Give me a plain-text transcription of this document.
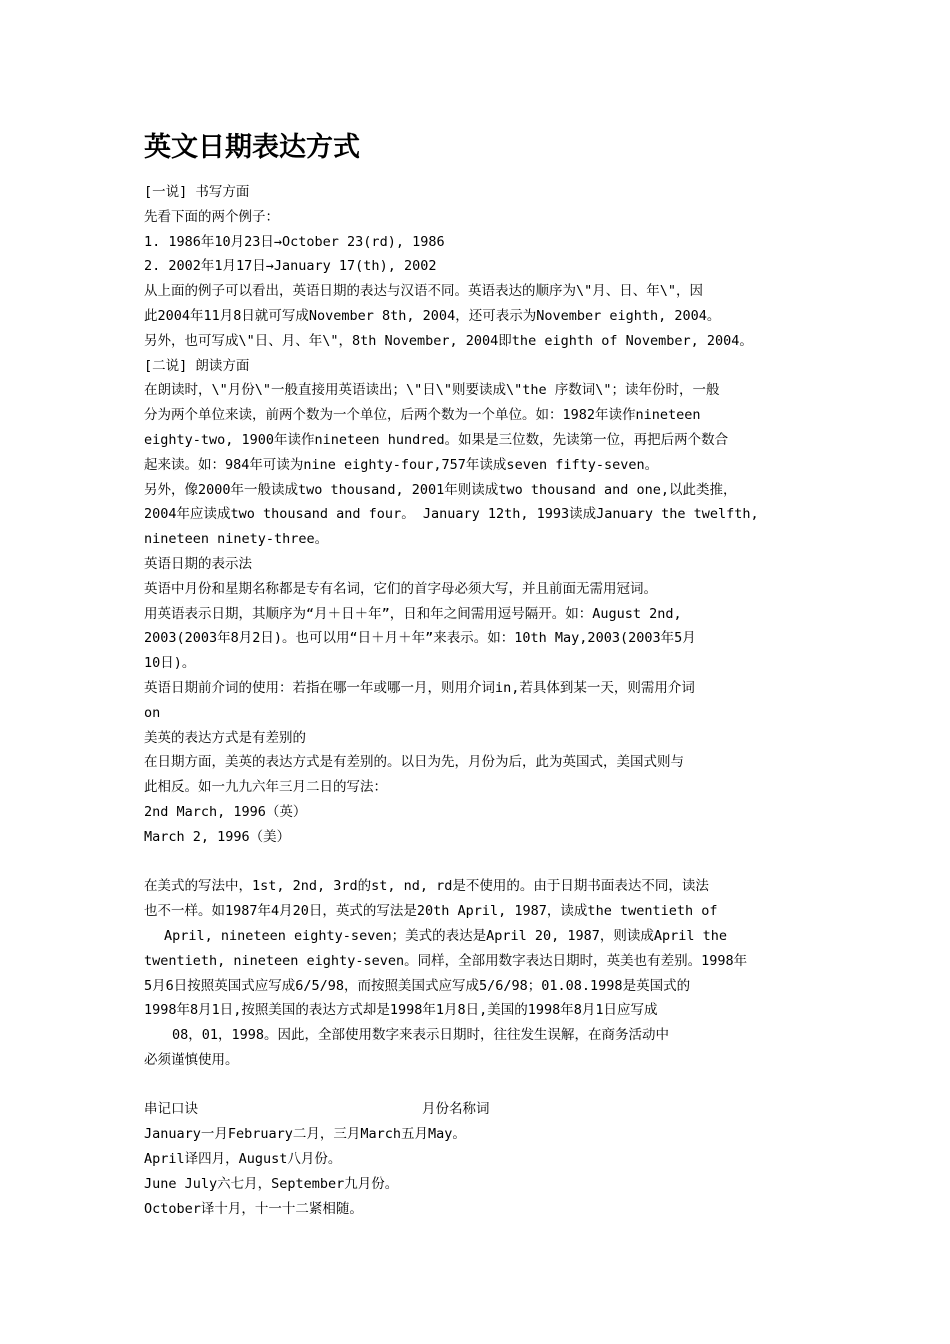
英文日期表达方式
[一说] 书写方面
先看下面的两个例子：
1. 1986年10月23日→October 23(rd), 1986
2. 2002年1月17日→January 17(th), 2002
从上面的例子可以看出，英语日期的表达与汉语不同。英语表达的顺序为\"月、日、年\"，因
此2004年11月8日就可写成November 8th, 2004，还可表示为November eighth, 2004。
另外，也可写成\"日、月、年\"，8th November, 2004即the eighth of November, 2004。
[二说] 朗读方面
在朗读时，\"月份\"一般直接用英语读出；\"日\"则要读成\"the 序数词\"；读年份时，一般
分为两个单位来读，前两个数为一个单位，后两个数为一个单位。如：1982年读作nineteen
eighty-two, 1900年读作nineteen hundred。如果是三位数，先读第一位，再把后两个数合
起来读。如：984年可读为nine eighty-four,757年读成seven fifty-seven。
另外，像2000年一般读成two thousand, 2001年则读成two thousand and one,以此类推，
2004年应读成two thousand and four。 January 12th, 1993读成January the twelfth,
nineteen ninety-three。
英语日期的表示法
英语中月份和星期名称都是专有名词，它们的首字母必须大写，并且前面无需用冠词。
用英语表示日期，其顺序为“月＋日＋年”，日和年之间需用逗号隔开。如：August 2nd,
2003(2003年8月2日)。也可以用“日＋月＋年”来表示。如：10th May,2003(2003年5月
10日)。
英语日期前介词的使用：若指在哪一年或哪一月，则用介词in,若具体到某一天，则需用介词
on
美英的表达方式是有差别的
在日期方面，美英的表达方式是有差别的。以日为先，月份为后，此为英国式，美国式则与
此相反。如一九九六年三月二日的写法：
2nd March, 1996（英）
March 2, 1996（美）
在美式的写法中，1st, 2nd, 3rd的st, nd, rd是不使用的。由于日期书面表达不同，读法
也不一样。如1987年4月20日，英式的写法是20th April, 1987，读成the twentieth of
April, nineteen eighty-seven；美式的表达是April 20, 1987，则读成April the
twentieth, nineteen eighty-seven。同样，全部用数字表达日期时，英美也有差别。1998年
5月6日按照英国式应写成6/5/98，而按照美国式应写成5/6/98；01.08.1998是英国式的
1998年8月1日,按照美国的表达方式却是1998年1月8日,美国的1998年8月1日应写成
08，01，1998。因此，全部使用数字来表示日期时，往往发生误解，在商务活动中
必须谨慎使用。
串记口诀	月份名称词
January一月February二月，三月March五月May。
April译四月，August八月份。
June July六七月，September九月份。
October译十月，十一十二紧相随。
